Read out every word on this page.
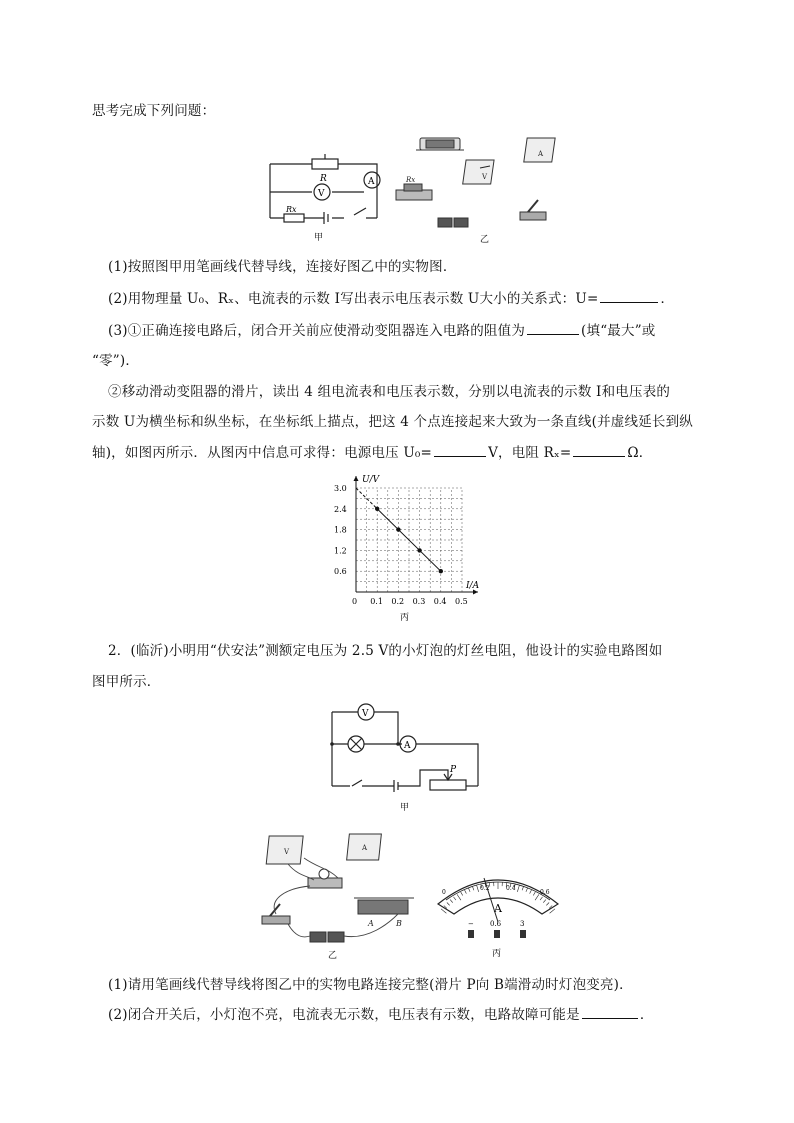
思考完成下列问题：
R
V
A
Rx
甲
V
A
Rx
乙
(1)按照图甲用笔画线代替导线，连接好图乙中的实物图．
(2)用物理量 U₀、Rₓ、电流表的示数 I写出表示电压表示数 U大小的关系式：U=	．
(3)①正确连接电路后，闭合开关前应使滑动变阻器连入电路的阻值为	(填“最大”或
“零”)．
②移动滑动变阻器的滑片，读出 4 组电流表和电压表示数，分别以电流表的示数 I和电压表的
示数 U为横坐标和纵坐标，在坐标纸上描点，把这 4 个点连接起来大致为一条直线(并虚线延长到纵
轴)，如图丙所示．从图丙中信息可求得：电源电压 U₀=	V，电阻 Rₓ=	Ω．
0 0.1 0.2 0.3 0.4 0.5
0.6
1.2
1.8
2.4
3.0
I/A
U/V
丙
2．(临沂)小明用“伏安法”测额定电压为 2.5 V的小灯泡的灯丝电阻，他设计的实验电路图如
图甲所示．
V
A
P
甲
V	A
A	B
乙
0
0.2	0.4
0.6
A
− 0.6	3
丙
(1)请用笔画线代替导线将图乙中的实物电路连接完整(滑片 P向 B端滑动时灯泡变亮)．
(2)闭合开关后，小灯泡不亮，电流表无示数，电压表有示数，电路故障可能是	．
